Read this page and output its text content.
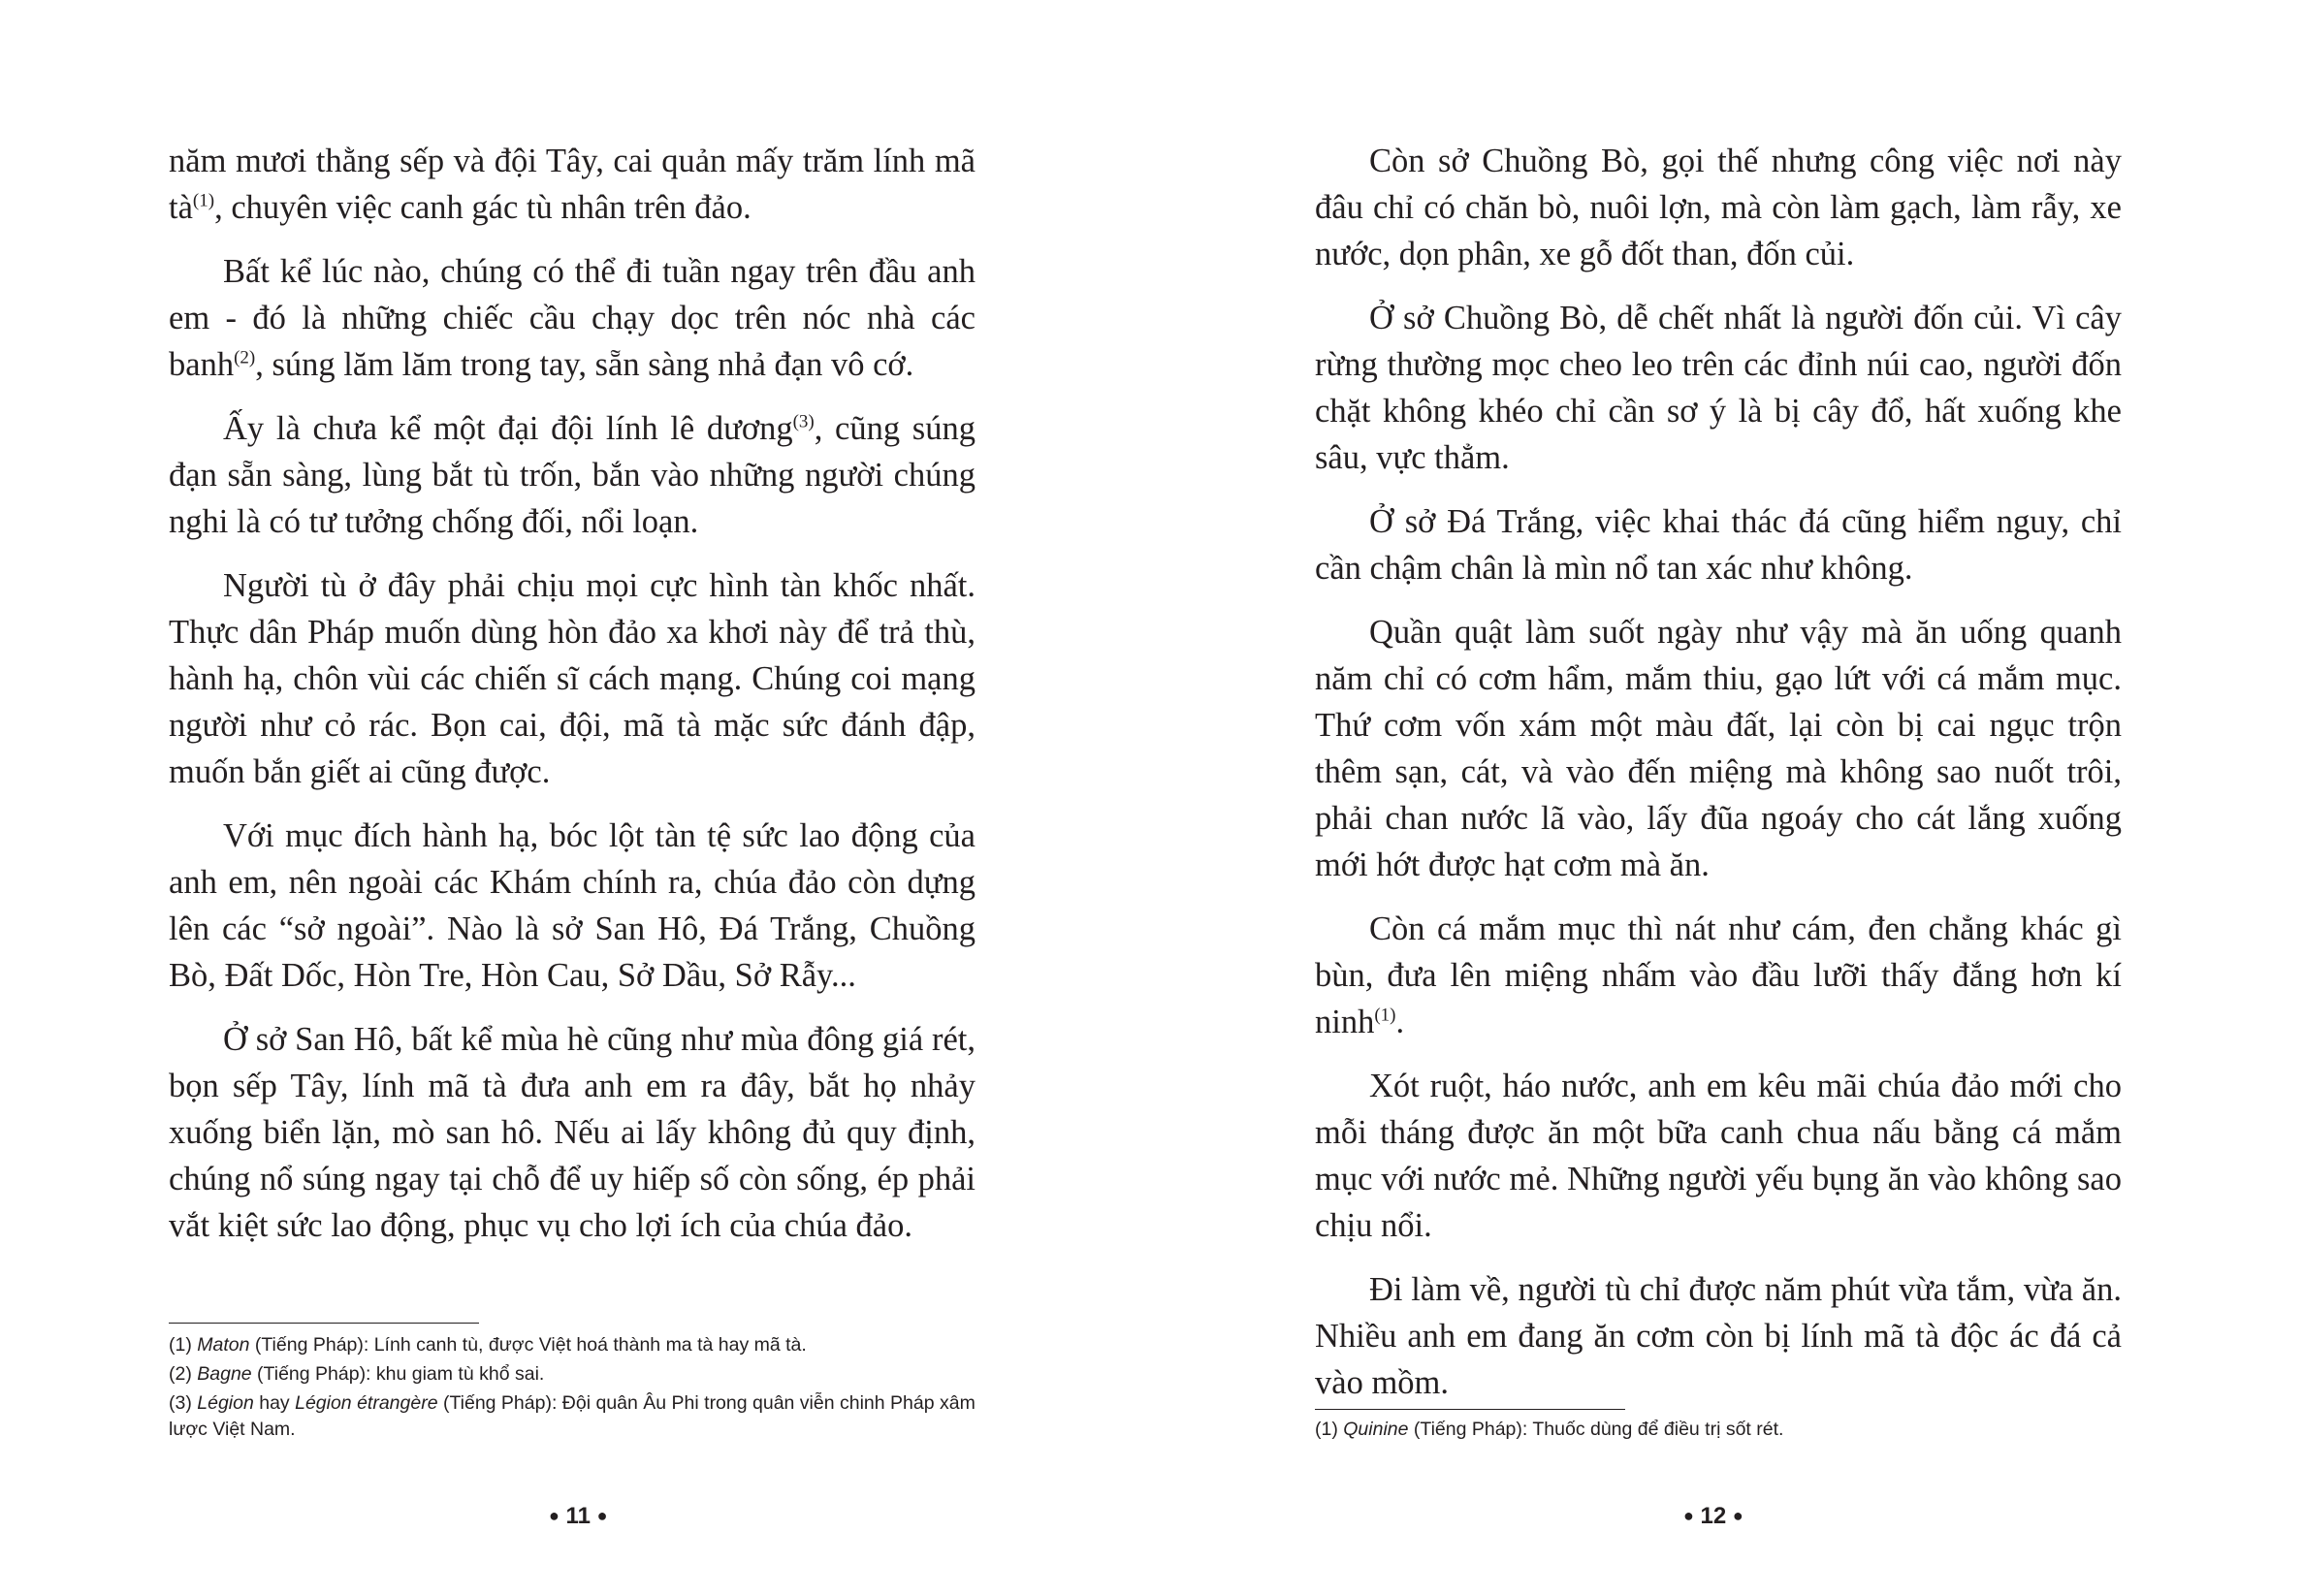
năm mươi thằng sếp và đội Tây, cai quản mấy trăm lính mã tà$^{(1)}$, chuyên việc canh gác tù nhân trên đảo.

Bất kể lúc nào, chúng có thể đi tuần ngay trên đầu anh em - đó là những chiếc cầu chạy dọc trên nóc nhà các banh$^{(2)}$, súng lăm lăm trong tay, sẵn sàng nhả đạn vô cớ.

Ấy là chưa kể một đại đội lính lê dương$^{(3)}$, cũng súng đạn sẵn sàng, lùng bắt tù trốn, bắn vào những người chúng nghi là có tư tưởng chống đối, nổi loạn.

Người tù ở đây phải chịu mọi cực hình tàn khốc nhất. Thực dân Pháp muốn dùng hòn đảo xa khơi này để trả thù, hành hạ, chôn vùi các chiến sĩ cách mạng. Chúng coi mạng người như cỏ rác. Bọn cai, đội, mã tà mặc sức đánh đập, muốn bắn giết ai cũng được.

Với mục đích hành hạ, bóc lột tàn tệ sức lao động của anh em, nên ngoài các Khám chính ra, chúa đảo còn dựng lên các “sở ngoài”. Nào là sở San Hô, Đá Trắng, Chuồng Bò, Đất Dốc, Hòn Tre, Hòn Cau, Sở Dầu, Sở Rẫy...

Ở sở San Hô, bất kể mùa hè cũng như mùa đông giá rét, bọn sếp Tây, lính mã tà đưa anh em ra đây, bắt họ nhảy xuống biển lặn, mò san hô. Nếu ai lấy không đủ quy định, chúng nổ súng ngay tại chỗ để uy hiếp số còn sống, ép phải vắt kiệt sức lao động, phục vụ cho lợi ích của chúa đảo.

(1) Maton (Tiếng Pháp): Lính canh tù, được Việt hoá thành ma tà hay mã tà.
(2) Bagne (Tiếng Pháp): khu giam tù khổ sai.
(3) Légion hay Légion étrangère (Tiếng Pháp): Đội quân Âu Phi trong quân viễn chinh Pháp xâm lược Việt Nam.
● 11 ●

Còn sở Chuồng Bò, gọi thế nhưng công việc nơi này đâu chỉ có chăn bò, nuôi lợn, mà còn làm gạch, làm rẫy, xe nước, dọn phân, xe gỗ đốt than, đốn củi.

Ở sở Chuồng Bò, dễ chết nhất là người đốn củi. Vì cây rừng thường mọc cheo leo trên các đỉnh núi cao, người đốn chặt không khéo chỉ cần sơ ý là bị cây đổ, hất xuống khe sâu, vực thẳm.

Ở sở Đá Trắng, việc khai thác đá cũng hiểm nguy, chỉ cần chậm chân là mìn nổ tan xác như không.

Quần quật làm suốt ngày như vậy mà ăn uống quanh năm chỉ có cơm hẩm, mắm thiu, gạo lứt với cá mắm mục. Thứ cơm vốn xám một màu đất, lại còn bị cai ngục trộn thêm sạn, cát, và vào đến miệng mà không sao nuốt trôi, phải chan nước lã vào, lấy đũa ngoáy cho cát lắng xuống mới hớt được hạt cơm mà ăn.

Còn cá mắm mục thì nát như cám, đen chẳng khác gì bùn, đưa lên miệng nhấm vào đầu lưỡi thấy đắng hơn kí ninh$^{(1)}$.

Xót ruột, háo nước, anh em kêu mãi chúa đảo mới cho mỗi tháng được ăn một bữa canh chua nấu bằng cá mắm mục với nước mẻ. Những người yếu bụng ăn vào không sao chịu nổi.

Đi làm về, người tù chỉ được năm phút vừa tắm, vừa ăn. Nhiều anh em đang ăn cơm còn bị lính mã tà độc ác đá cả vào mồm.

(1) Quinine (Tiếng Pháp): Thuốc dùng để điều trị sốt rét.
● 12 ●
